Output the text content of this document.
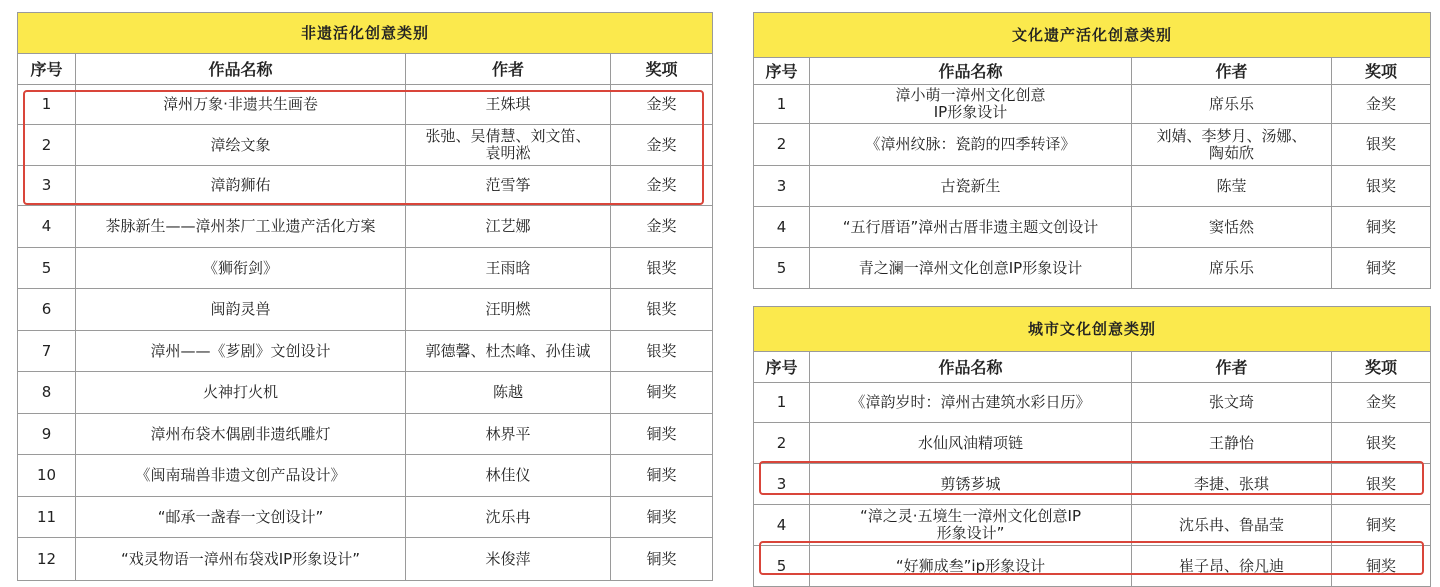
非遗活化创意类别			
序号	作品名称	作者	奖项
1	漳州万象·非遗共生画卷	王姝琪	金奖
2	漳绘文象	张弛、吴倩慧、刘文笛、
袁明淞	金奖
3	漳韵狮佑	范雪筝	金奖
4	茶脉新生——漳州茶厂工业遗产活化方案	江艺娜	金奖
5	《狮衔剑》	王雨晗	银奖
6	闽韵灵兽	汪明燃	银奖
7	漳州——《芗剧》文创设计	郭德馨、杜杰峰、孙佳诚	银奖
8	火神打火机	陈越	铜奖
9	漳州布袋木偶剧非遗纸雕灯	林界平	铜奖
10	《闽南瑞兽非遗文创产品设计》	林佳仪	铜奖
11	“邮承一盏春一文创设计”	沈乐冉	铜奖
12	“戏灵物语一漳州布袋戏IP形象设计”	米俊萍	铜奖
文化遗产活化创意类别			
序号	作品名称	作者	奖项
1	漳小萌一漳州文化创意
IP形象设计	席乐乐	金奖
2	《漳州纹脉：瓷韵的四季转译》	刘婧、李梦月、汤娜、
陶茹欣	银奖
3	古瓷新生	陈莹	银奖
4	“五行厝语”漳州古厝非遗主题文创设计	窦恬然	铜奖
5	青之澜一漳州文化创意IP形象设计	席乐乐	铜奖
城市文化创意类别			
序号	作品名称	作者	奖项
1	《漳韵岁时：漳州古建筑水彩日历》	张文琦	金奖
2	水仙风油精项链	王静怡	银奖
3	剪锈芗城	李捷、张琪	银奖
4	“漳之灵·五境生一漳州文化创意IP
形象设计”	沈乐冉、鲁晶莹	铜奖
5	“好狮成叁”ip形象设计	崔子昂、徐凡迪	铜奖
